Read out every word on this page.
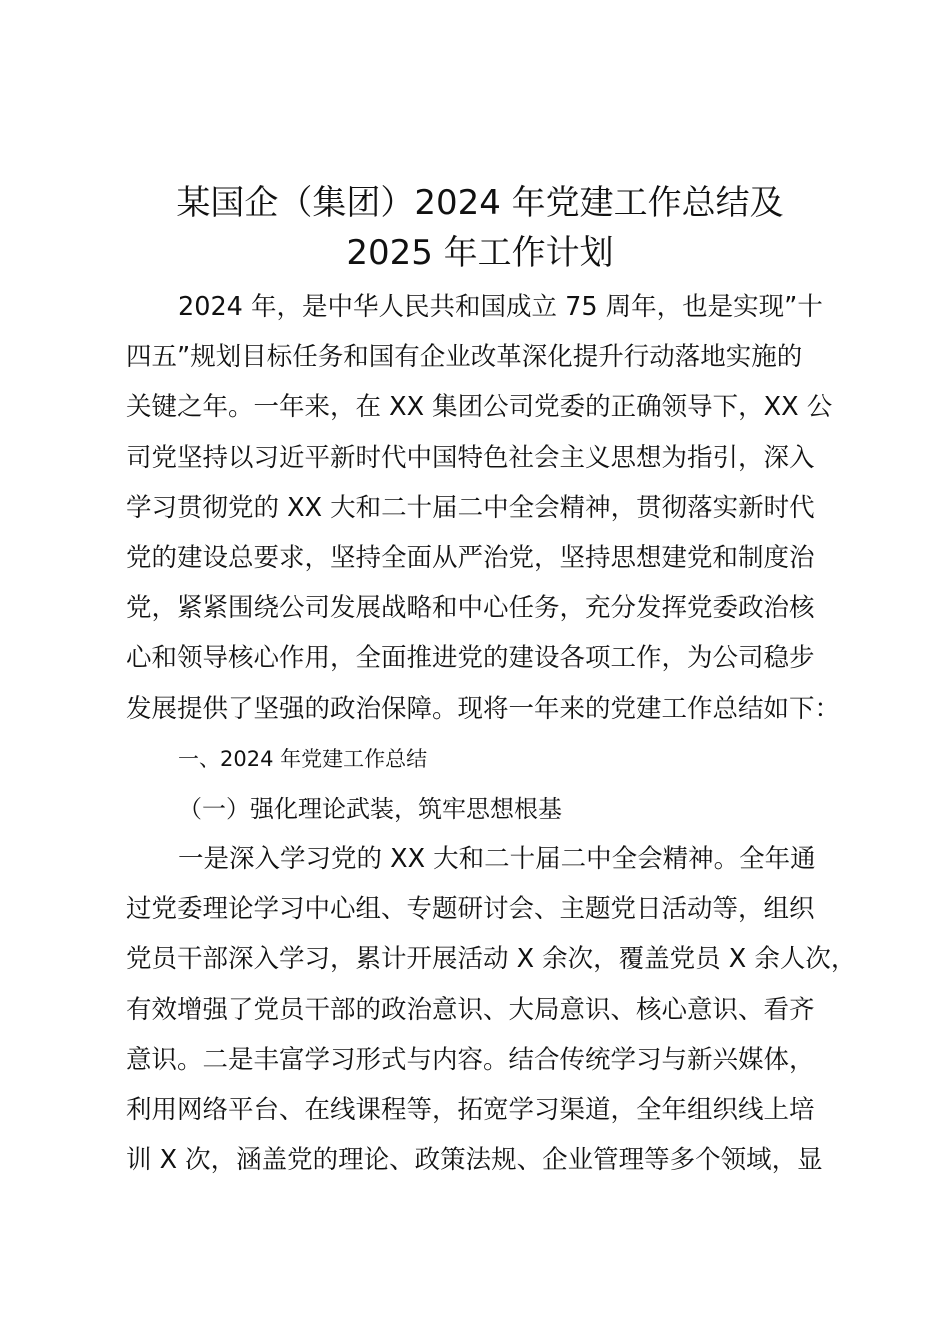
某国企（集团）2024 年党建工作总结及
2025 年工作计划
2024 年，是中华人民共和国成立 75 周年，也是实现”十
四五”规划目标任务和国有企业改革深化提升行动落地实施的
关键之年。一年来，在 XX 集团公司党委的正确领导下，XX 公
司党坚持以习近平新时代中国特色社会主义思想为指引，深入
学习贯彻党的 XX 大和二十届二中全会精神，贯彻落实新时代
党的建设总要求，坚持全面从严治党，坚持思想建党和制度治
党，紧紧围绕公司发展战略和中心任务，充分发挥党委政治核
心和领导核心作用，全面推进党的建设各项工作，为公司稳步
发展提供了坚强的政治保障。现将一年来的党建工作总结如下：
一、2024 年党建工作总结
（一）强化理论武装，筑牢思想根基
一是深入学习党的 XX 大和二十届二中全会精神。全年通
过党委理论学习中心组、专题研讨会、主题党日活动等，组织
党员干部深入学习，累计开展活动 X 余次，覆盖党员 X 余人次，
有效增强了党员干部的政治意识、大局意识、核心意识、看齐
意识。二是丰富学习形式与内容。结合传统学习与新兴媒体，
利用网络平台、在线课程等，拓宽学习渠道，全年组织线上培
训 X 次，涵盖党的理论、政策法规、企业管理等多个领域，显
